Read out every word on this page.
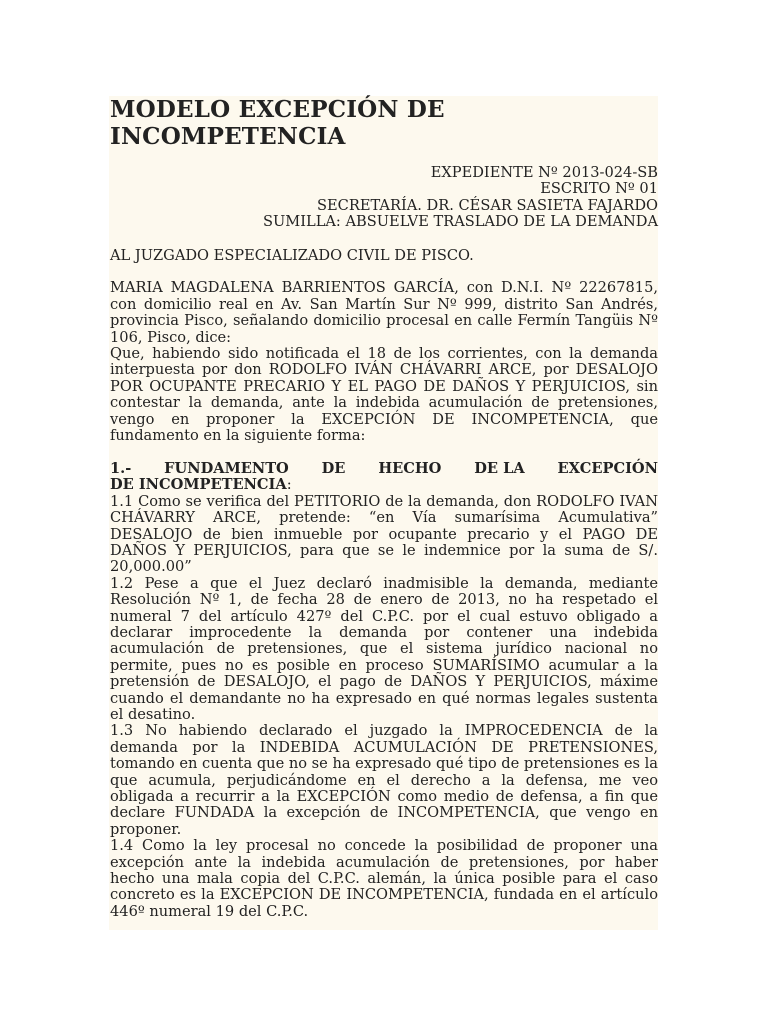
MODELO EXCEPCIÓN DE
INCOMPETENCIA
EXPEDIENTE Nº 2013-024-SB
ESCRITO Nº 01
SECRETARÍA. DR. CÉSAR SASIETA FAJARDO
SUMILLA: ABSUELVE TRASLADO DE LA DEMANDA
AL JUZGADO ESPECIALIZADO CIVIL DE PISCO.
MARIA MAGDALENA BARRIENTOS GARCÍA, con D.N.I. Nº 22267815, con domicilio real en Av. San Martín Sur Nº 999, distrito San Andrés, provincia Pisco, señalando domicilio procesal en calle Fermín Tangüis Nº 106, Pisco, dice:
Que, habiendo sido notificada el 18 de los corrientes, con la demanda interpuesta por don RODOLFO IVÁN CHÁVARRI ARCE, por DESALOJO POR OCUPANTE PRECARIO Y EL PAGO DE DAÑOS Y PERJUICIOS, sin contestar la demanda, ante la indebida acumulación de pretensiones, vengo en proponer la EXCEPCIÓN DE INCOMPETENCIA, que fundamento en la siguiente forma:
1.- FUNDAMENTO DE HECHO DE LA EXCEPCIÓN
DE INCOMPETENCIA:
1.1 Como se verifica del PETITORIO de la demanda, don RODOLFO IVAN CHÁVARRY ARCE, pretende: “en Vía sumarísima Acumulativa” DESALOJO de bien inmueble por ocupante precario y el PAGO DE DAÑOS Y PERJUICIOS, para que se le indemnice por la suma de S/. 20,000.00”
1.2 Pese a que el Juez declaró inadmisible la demanda, mediante Resolución Nº 1, de fecha 28 de enero de 2013, no ha respetado el numeral 7 del artículo 427º del C.P.C. por el cual estuvo obligado a declarar improcedente la demanda por contener una indebida acumulación de pretensiones, que el sistema jurídico nacional no permite, pues no es posible en proceso SUMARÍSIMO acumular a la pretensión de DESALOJO, el pago de DAÑOS Y PERJUICIOS, máxime cuando el demandante no ha expresado en qué normas legales sustenta el desatino.
1.3 No habiendo declarado el juzgado la IMPROCEDENCIA de la demanda por la INDEBIDA ACUMULACIÓN DE PRETENSIONES, tomando en cuenta que no se ha expresado qué tipo de pretensiones es la que acumula, perjudicándome en el derecho a la defensa, me veo obligada a recurrir a la EXCEPCIÓN como medio de defensa, a fin que declare FUNDADA la excepción de INCOMPETENCIA, que vengo en proponer.
1.4 Como la ley procesal no concede la posibilidad de proponer una excepción ante la indebida acumulación de pretensiones, por haber hecho una mala copia del C.P.C. alemán, la única posible para el caso concreto es la EXCEPCION DE INCOMPETENCIA, fundada en el artículo 446º numeral 19 del C.P.C.
